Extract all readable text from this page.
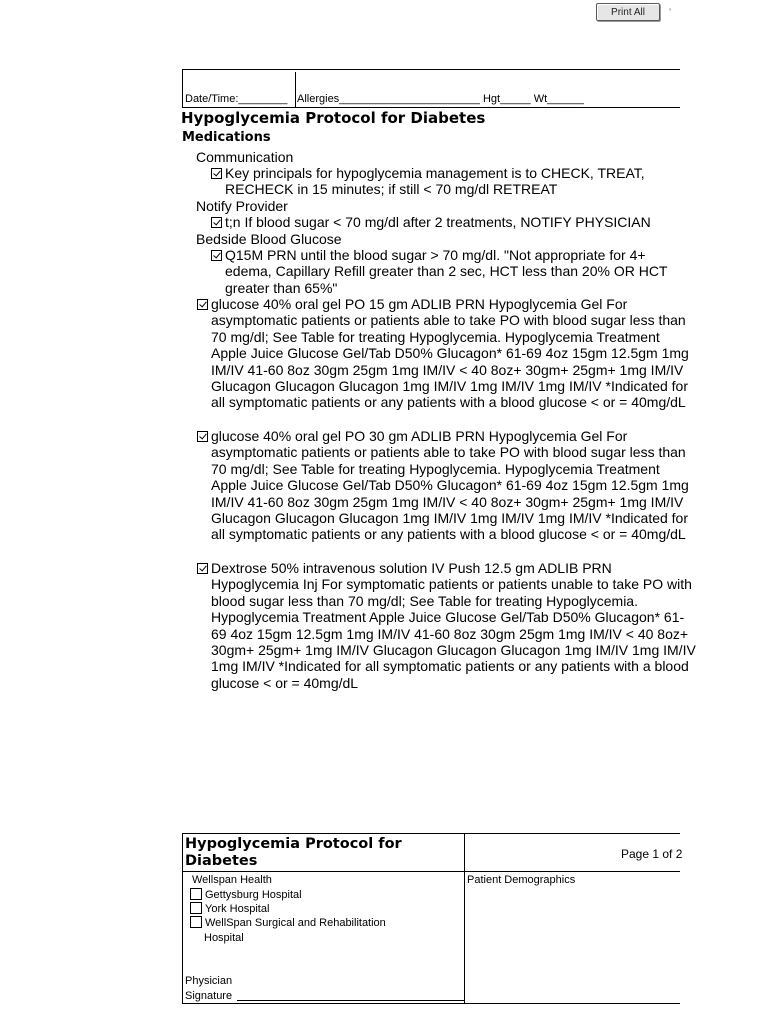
Print All	’
Date/Time:________ Allergies_______________________ Hgt_____ Wt______
Hypoglycemia Protocol for Diabetes
Medications
Communication
Key principals for hypoglycemia management is to CHECK, TREAT, RECHECK in 15 minutes; if still < 70 mg/dl RETREAT
Notify Provider
t;n If blood sugar < 70 mg/dl after 2 treatments, NOTIFY PHYSICIAN
Bedside Blood Glucose
Q15M PRN until the blood sugar > 70 mg/dl. "Not appropriate for 4+ edema, Capillary Refill greater than 2 sec, HCT less than 20% OR HCT greater than 65%"
glucose 40% oral gel PO 15 gm ADLIB PRN Hypoglycemia Gel For asymptomatic patients or patients able to take PO with blood sugar less than 70 mg/dl; See Table for treating Hypoglycemia. Hypoglycemia Treatment Apple Juice Glucose Gel/Tab D50% Glucagon* 61-69 4oz 15gm 12.5gm 1mg IM/IV 41-60 8oz 30gm 25gm 1mg IM/IV < 40 8oz+ 30gm+ 25gm+ 1mg IM/IV Glucagon Glucagon Glucagon 1mg IM/IV 1mg IM/IV 1mg IM/IV *Indicated for all symptomatic patients or any patients with a blood glucose < or = 40mg/dL
glucose 40% oral gel PO 30 gm ADLIB PRN Hypoglycemia Gel For asymptomatic patients or patients able to take PO with blood sugar less than 70 mg/dl; See Table for treating Hypoglycemia. Hypoglycemia Treatment Apple Juice Glucose Gel/Tab D50% Glucagon* 61-69 4oz 15gm 12.5gm 1mg IM/IV 41-60 8oz 30gm 25gm 1mg IM/IV < 40 8oz+ 30gm+ 25gm+ 1mg IM/IV Glucagon Glucagon Glucagon 1mg IM/IV 1mg IM/IV 1mg IM/IV *Indicated for all symptomatic patients or any patients with a blood glucose < or = 40mg/dL
Dextrose 50% intravenous solution IV Push 12.5 gm ADLIB PRN Hypoglycemia Inj For symptomatic patients or patients unable to take PO with blood sugar less than 70 mg/dl; See Table for treating Hypoglycemia. Hypoglycemia Treatment Apple Juice Glucose Gel/Tab D50% Glucagon* 61-69 4oz 15gm 12.5gm 1mg IM/IV 41-60 8oz 30gm 25gm 1mg IM/IV < 40 8oz+ 30gm+ 25gm+ 1mg IM/IV Glucagon Glucagon Glucagon 1mg IM/IV 1mg IM/IV 1mg IM/IV *Indicated for all symptomatic patients or any patients with a blood glucose < or = 40mg/dL
Hypoglycemia Protocol for Diabetes	Page 1 of 2
Wellspan Health
Gettysburg Hospital
York Hospital
WellSpan Surgical and Rehabilitation
Hospital
Patient Demographics
Physician
Signature
